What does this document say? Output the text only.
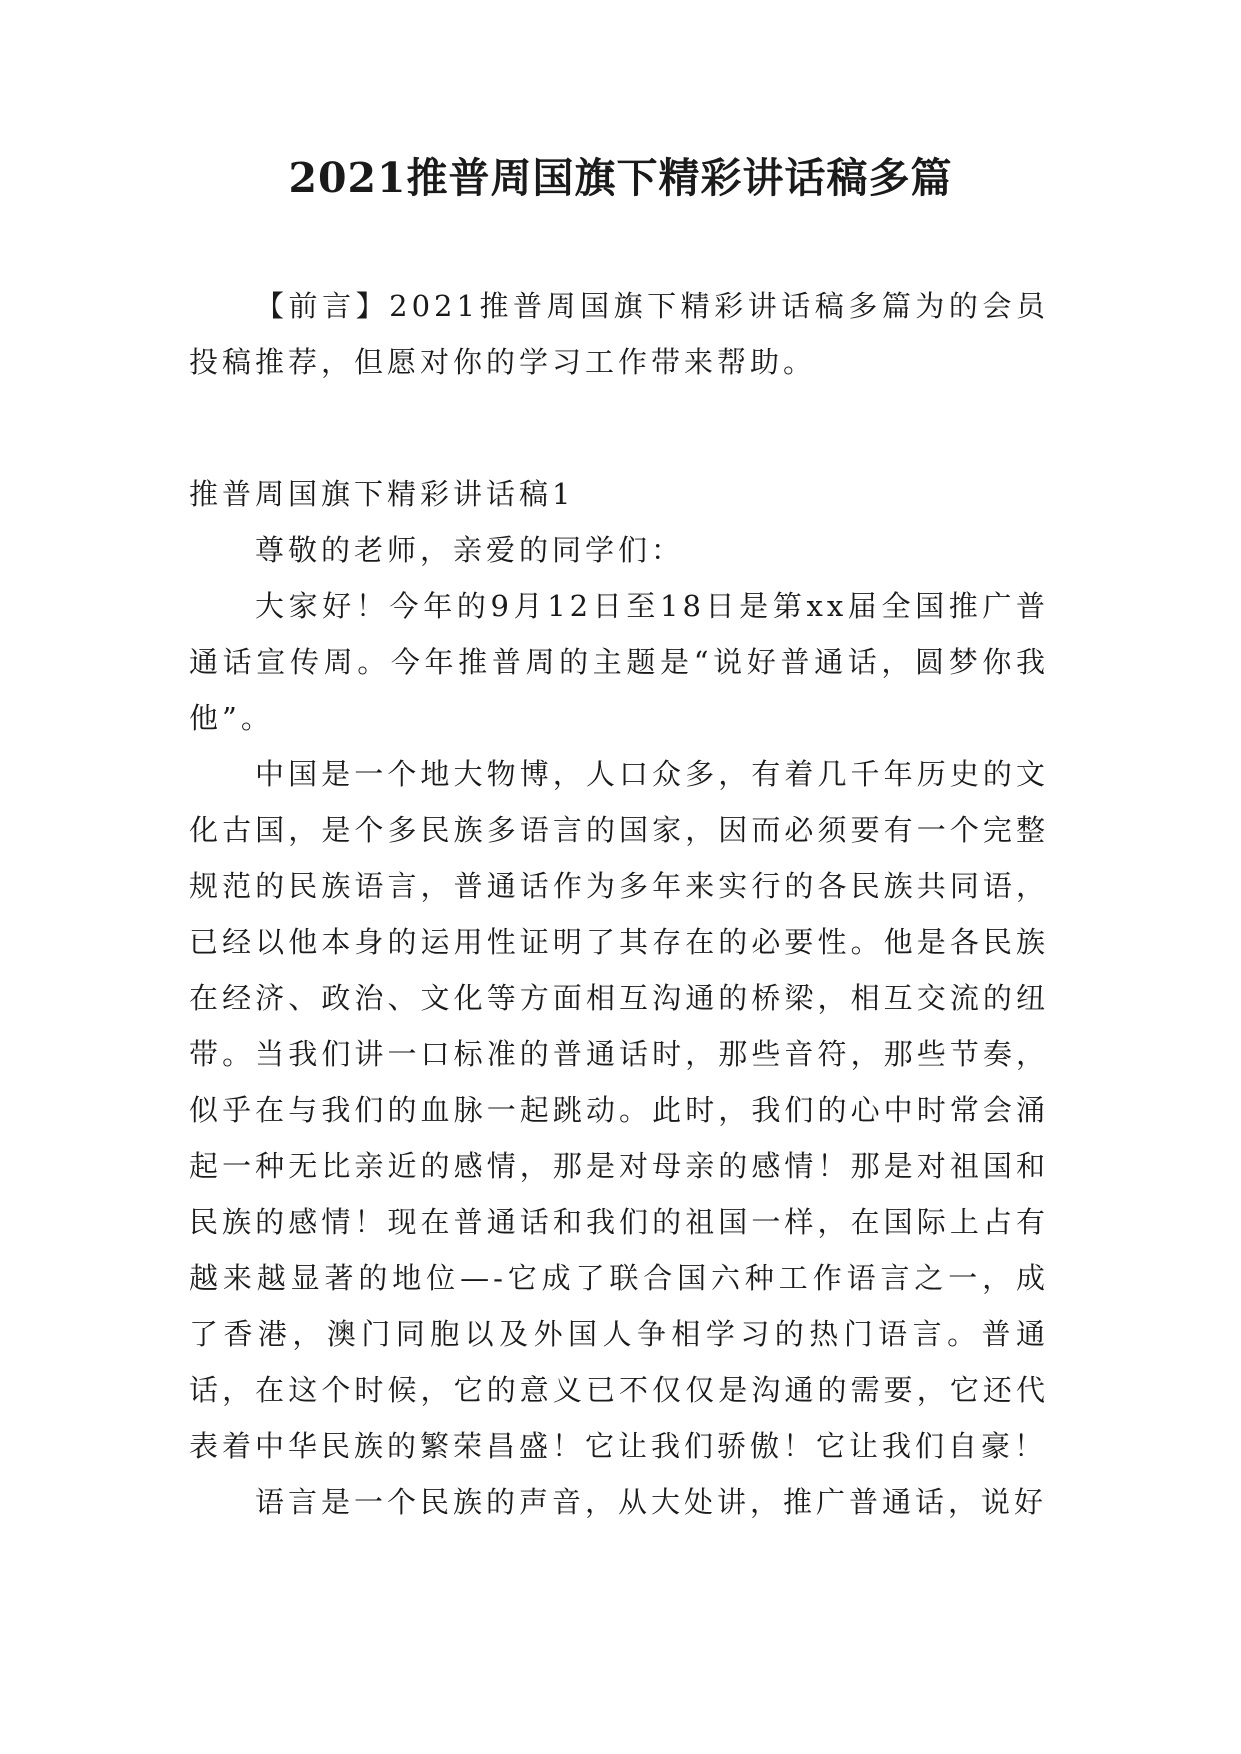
2021推普周国旗下精彩讲话稿多篇

【前言】2021推普周国旗下精彩讲话稿多篇为的会员投稿推荐，但愿对你的学习工作带来帮助。

推普周国旗下精彩讲话稿1

尊敬的老师，亲爱的同学们：

大家好！今年的9月12日至18日是第xx届全国推广普通话宣传周。今年推普周的主题是“说好普通话，圆梦你我他”。

中国是一个地大物博，人口众多，有着几千年历史的文化古国，是个多民族多语言的国家，因而必须要有一个完整规范的民族语言，普通话作为多年来实行的各民族共同语，已经以他本身的运用性证明了其存在的必要性。他是各民族在经济、政治、文化等方面相互沟通的桥梁，相互交流的纽带。当我们讲一口标准的普通话时，那些音符，那些节奏，似乎在与我们的血脉一起跳动。此时，我们的心中时常会涌起一种无比亲近的感情，那是对母亲的感情！那是对祖国和民族的感情！现在普通话和我们的祖国一样，在国际上占有越来越显著的地位—-它成了联合国六种工作语言之一，成了香港，澳门同胞以及外国人争相学习的热门语言。普通话，在这个时候，它的意义已不仅仅是沟通的需要，它还代表着中华民族的繁荣昌盛！它让我们骄傲！它让我们自豪！

语言是一个民族的声音，从大处讲，推广普通话，说好
